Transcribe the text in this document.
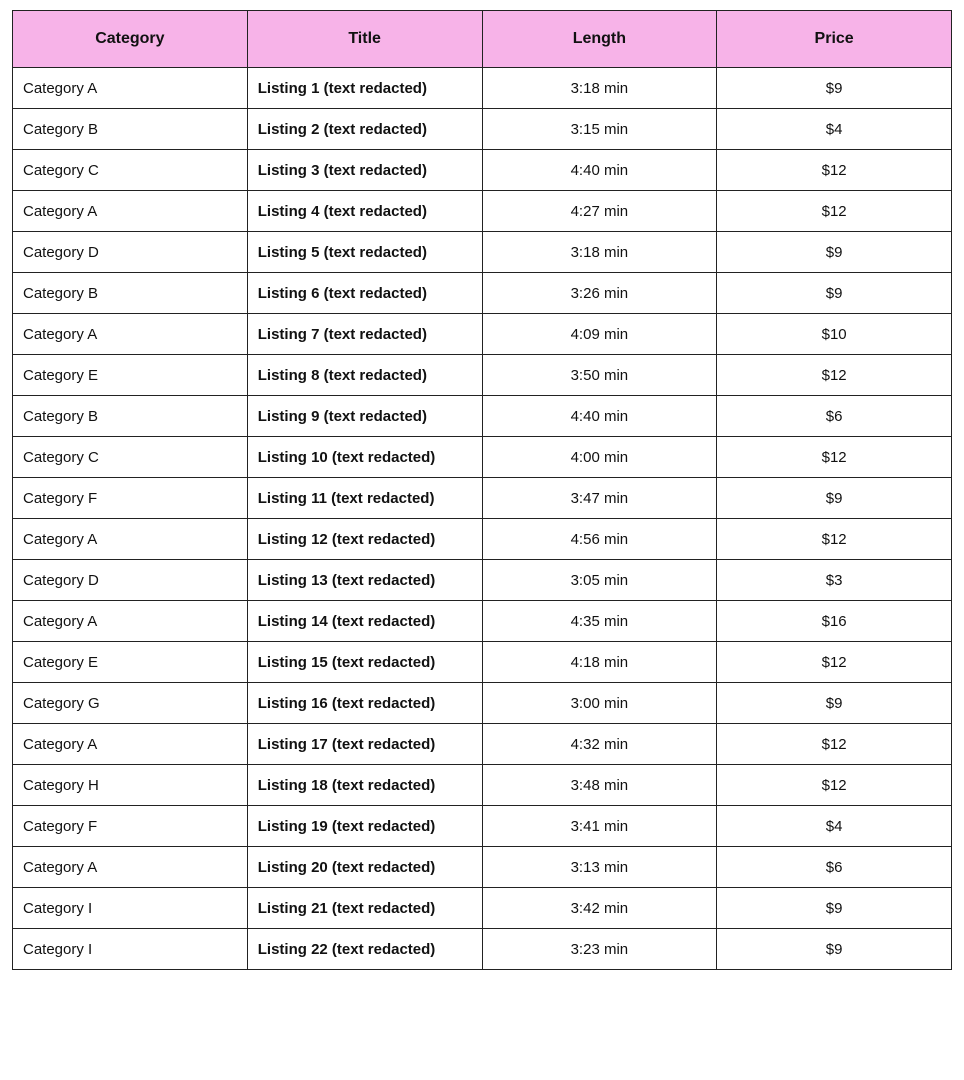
Category	Title	Length	Price
Category A	Listing 1 (text redacted)	3:18 min	$9
Category B	Listing 2 (text redacted)	3:15 min	$4
Category C	Listing 3 (text redacted)	4:40 min	$12
Category A	Listing 4 (text redacted)	4:27 min	$12
Category D	Listing 5 (text redacted)	3:18 min	$9
Category B	Listing 6 (text redacted)	3:26 min	$9
Category A	Listing 7 (text redacted)	4:09 min	$10
Category E	Listing 8 (text redacted)	3:50 min	$12
Category B	Listing 9 (text redacted)	4:40 min	$6
Category C	Listing 10 (text redacted)	4:00 min	$12
Category F	Listing 11 (text redacted)	3:47 min	$9
Category A	Listing 12 (text redacted)	4:56 min	$12
Category D	Listing 13 (text redacted)	3:05 min	$3
Category A	Listing 14 (text redacted)	4:35 min	$16
Category E	Listing 15 (text redacted)	4:18 min	$12
Category G	Listing 16 (text redacted)	3:00 min	$9
Category A	Listing 17 (text redacted)	4:32 min	$12
Category H	Listing 18 (text redacted)	3:48 min	$12
Category F	Listing 19 (text redacted)	3:41 min	$4
Category A	Listing 20 (text redacted)	3:13 min	$6
Category I	Listing 21 (text redacted)	3:42 min	$9
Category I	Listing 22 (text redacted)	3:23 min	$9
